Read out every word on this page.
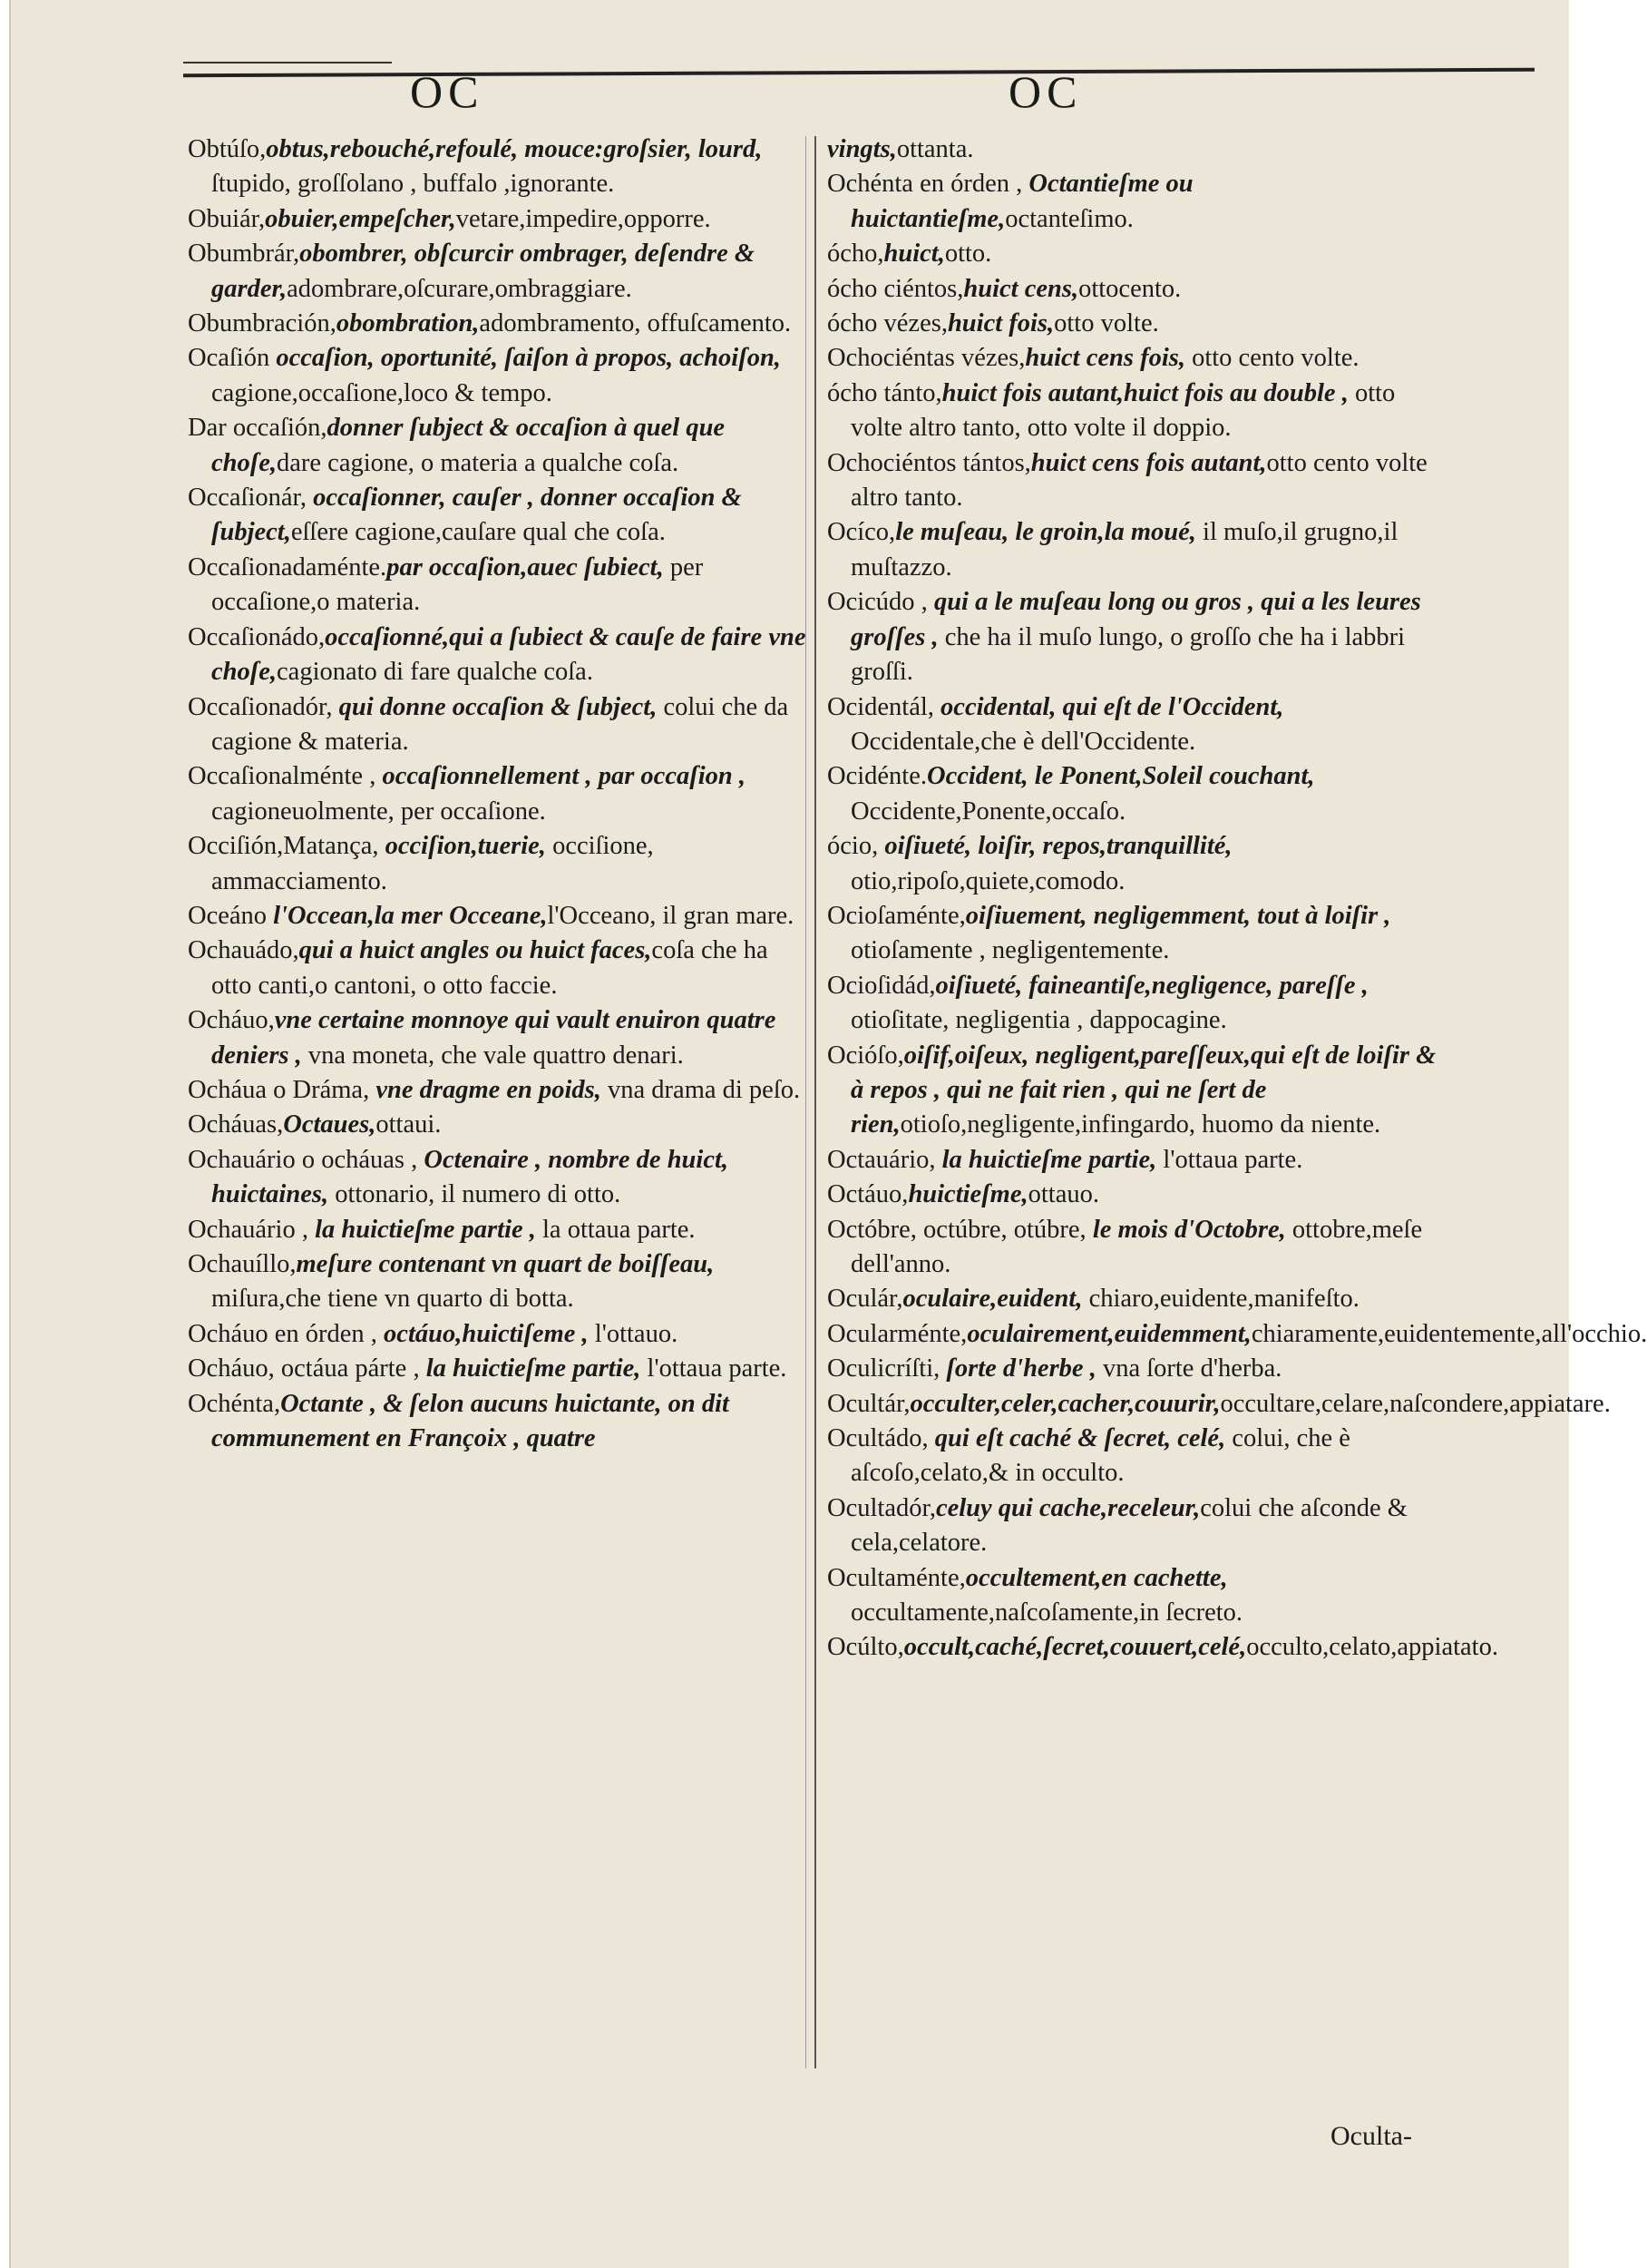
OC	OC
Obtúſo,obtus,rebouché,refoulé, mouce:groſsier, lourd, ſtupido, groſſolano , buffalo ,ignorante.
Obuiár,obuier,empeſcher,vetare,impedire,opporre.
Obumbrár,obombrer, obſcurcir ombrager, deſendre & garder,adombrare,oſcurare,ombraggiare.
Obumbración,obombration,adombramento, offuſcamento.
Ocaſión occaſion, oportunité, ſaiſon à propos, achoiſon, cagione,occaſione,loco & tempo.
Dar occaſión,donner ſubject & occaſion à quel que choſe,dare cagione, o materia a qualche coſa.
Occaſionár, occaſionner, cauſer , donner occaſion & ſubject,eſſere cagione,cauſare qual che coſa.
Occaſionadaménte.par occaſion,auec ſubiect, per occaſione,o materia.
Occaſionádo,occaſionné,qui a ſubiect & cauſe de faire vne choſe,cagionato di fare qualche coſa.
Occaſionadór, qui donne occaſion & ſubject, colui che da cagione & materia.
Occaſionalménte , occaſionnellement , par occaſion , cagioneuolmente, per occaſione.
Occiſión,Matança, occiſion,tuerie, occiſione, ammacciamento.
Oceáno l'Occean,la mer Occeane,l'Occeano, il gran mare.
Ochauádo,qui a huict angles ou huict faces,coſa che ha otto canti,o cantoni, o otto faccie.
Ocháuo,vne certaine monnoye qui vault enuiron quatre deniers , vna moneta, che vale quattro denari.
Ocháua o Dráma, vne dragme en poids, vna drama di peſo.
Ocháuas,Octaues,ottaui.
Ochauário o ocháuas , Octenaire , nombre de huict, huictaines, ottonario, il numero di otto.
Ochauário , la huictieſme partie , la ottaua parte.
Ochauíllo,meſure contenant vn quart de boiſſeau, miſura,che tiene vn quarto di botta.
Ocháuo en órden , octáuo,huictiſeme , l'ottauo.
Ocháuo, octáua párte , la huictieſme partie, l'ottaua parte.
Ochénta,Octante , & ſelon aucuns huictante, on dit communement en Françoix , quatre
vingts,ottanta.
Ochénta en órden , Octantieſme ou huictantieſme,octanteſimo.
ócho,huict,otto.
ócho ciéntos,huict cens,ottocento.
ócho vézes,huict fois,otto volte.
Ochociéntas vézes,huict cens fois, otto cento volte.
ócho tánto,huict fois autant,huict fois au double , otto volte altro tanto, otto volte il doppio.
Ochociéntos tántos,huict cens fois autant,otto cento volte altro tanto.
Ocíco,le muſeau, le groin,la moué, il muſo,il grugno,il muſtazzo.
Ocicúdo , qui a le muſeau long ou gros , qui a les leures groſſes , che ha il muſo lungo, o groſſo che ha i labbri groſſi.
Ocidentál, occidental, qui eſt de l'Occident, Occidentale,che è dell'Occidente.
Ocidénte.Occident, le Ponent,Soleil couchant, Occidente,Ponente,occaſo.
ócio, oiſiueté, loiſir, repos,tranquillité, otio,ripoſo,quiete,comodo.
Ocioſaménte,oiſiuement, negligemment, tout à loiſir , otioſamente , negligentemente.
Ocioſidád,oiſiueté, faineantiſe,negligence, pareſſe , otioſitate, negligentia , dappocagine.
Ocióſo,oiſif,oiſeux, negligent,pareſſeux,qui eſt de loiſir & à repos , qui ne fait rien , qui ne ſert de rien,otioſo,negligente,infingardo, huomo da niente.
Octauário, la huictieſme partie, l'ottaua parte.
Octáuo,huictieſme,ottauo.
Octóbre, octúbre, otúbre, le mois d'Octobre, ottobre,meſe dell'anno.
Oculár,oculaire,euident, chiaro,euidente,manifeſto.
Ocularménte,oculairement,euidemment,chiaramente,euidentemente,all'occhio.
Oculicríſti, ſorte d'herbe , vna ſorte d'herba.
Ocultár,occulter,celer,cacher,couurir,occultare,celare,naſcondere,appiatare.
Ocultádo, qui eſt caché & ſecret, celé, colui, che è aſcoſo,celato,& in occulto.
Ocultadór,celuy qui cache,receleur,colui che aſconde & cela,celatore.
Ocultaménte,occultement,en cachette, occultamente,naſcoſamente,in ſecreto.
Ocúlto,occult,caché,ſecret,couuert,celé,occulto,celato,appiatato.
Oculta-
